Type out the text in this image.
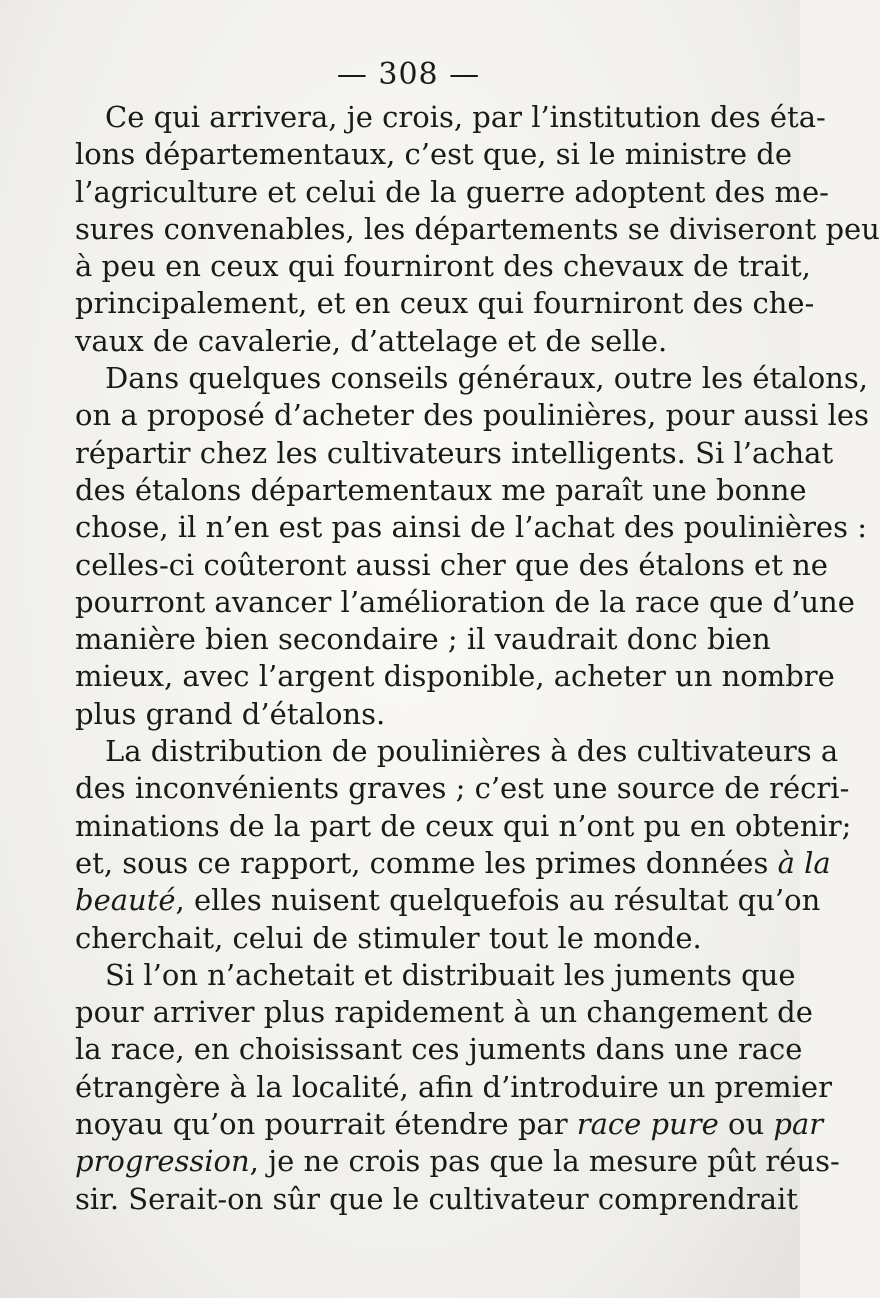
— 308 —
Ce qui arrivera, je crois, par l’institution des éta-
lons départementaux, c’est que, si le ministre de
l’agriculture et celui de la guerre adoptent des me-
sures convenables, les départements se diviseront peu
à peu en ceux qui fourniront des chevaux de trait,
principalement, et en ceux qui fourniront des che-
vaux de cavalerie, d’attelage et de selle.
Dans quelques conseils généraux, outre les étalons,
on a proposé d’acheter des poulinières, pour aussi les
répartir chez les cultivateurs intelligents. Si l’achat
des étalons départementaux me paraît une bonne
chose, il n’en est pas ainsi de l’achat des poulinières :
celles-ci coûteront aussi cher que des étalons et ne
pourront avancer l’amélioration de la race que d’une
manière bien secondaire ; il vaudrait donc bien
mieux, avec l’argent disponible, acheter un nombre
plus grand d’étalons.
La distribution de poulinières à des cultivateurs a
des inconvénients graves ; c’est une source de récri-
minations de la part de ceux qui n’ont pu en obtenir;
et, sous ce rapport, comme les primes données à la
beauté, elles nuisent quelquefois au résultat qu’on
cherchait, celui de stimuler tout le monde.
Si l’on n’achetait et distribuait les juments que
pour arriver plus rapidement à un changement de
la race, en choisissant ces juments dans une race
étrangère à la localité, afin d’introduire un premier
noyau qu’on pourrait étendre par race pure ou par
progression, je ne crois pas que la mesure pût réus-
sir. Serait-on sûr que le cultivateur comprendrait
